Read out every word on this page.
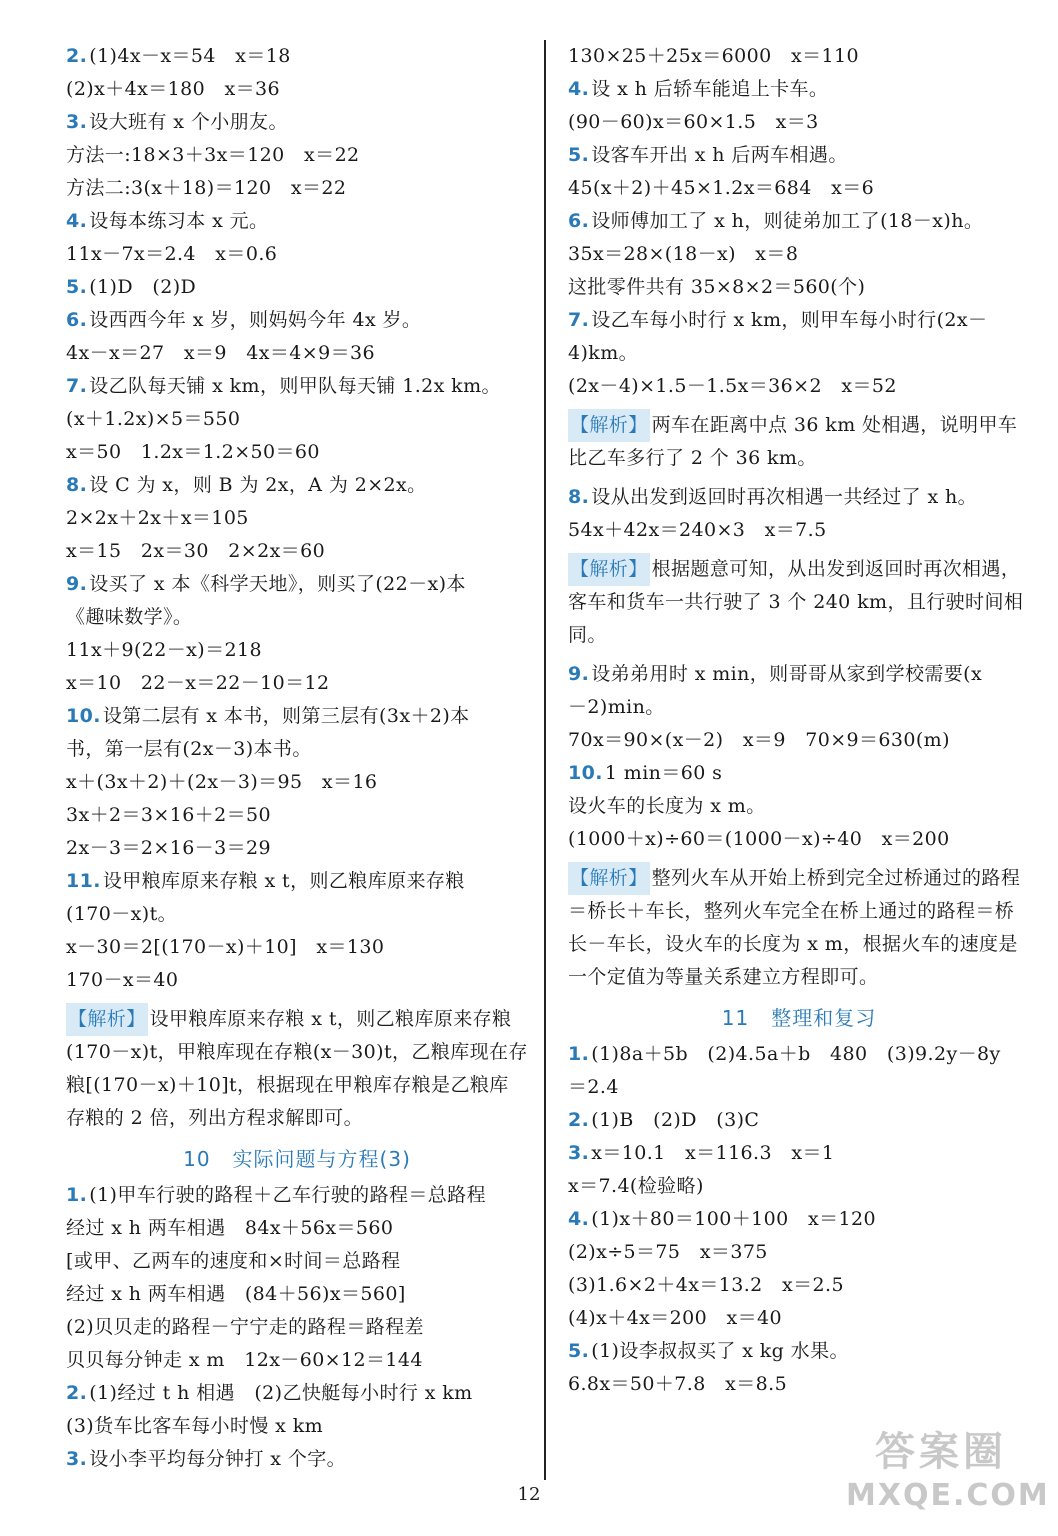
2. (1)4x－x＝54　x＝18
(2)x＋4x＝180　x＝36
3. 设大班有 x 个小朋友。
方法一:18×3＋3x＝120　x＝22
方法二:3(x＋18)＝120　x＝22
4. 设每本练习本 x 元。
11x－7x＝2.4　x＝0.6
5. (1)D　(2)D
6. 设西西今年 x 岁，则妈妈今年 4x 岁。
4x－x＝27　x＝9　4x＝4×9＝36
7. 设乙队每天铺 x km，则甲队每天铺 1.2x km。
(x＋1.2x)×5＝550
x＝50　1.2x＝1.2×50＝60
8. 设 C 为 x，则 B 为 2x，A 为 2×2x。
2×2x＋2x＋x＝105
x＝15　2x＝30　2×2x＝60
9. 设买了 x 本《科学天地》，则买了(22－x)本
《趣味数学》。
11x＋9(22－x)＝218
x＝10　22－x＝22－10＝12
10. 设第二层有 x 本书，则第三层有(3x＋2)本
书，第一层有(2x－3)本书。
x＋(3x＋2)＋(2x－3)＝95　x＝16
3x＋2＝3×16＋2＝50
2x－3＝2×16－3＝29
11. 设甲粮库原来存粮 x t，则乙粮库原来存粮
(170－x)t。
x－30＝2[(170－x)＋10]　x＝130
170－x＝40
【解析】 设甲粮库原来存粮 x t，则乙粮库原来存粮(170－x)t，甲粮库现在存粮(x－30)t，乙粮库现在存粮[(170－x)＋10]t，根据现在甲粮库存粮是乙粮库存粮的 2 倍，列出方程求解即可。
10 实际问题与方程(3)
1. (1)甲车行驶的路程＋乙车行驶的路程＝总路程
经过 x h 两车相遇　84x＋56x＝560
[或甲、乙两车的速度和×时间＝总路程
经过 x h 两车相遇　(84＋56)x＝560]
(2)贝贝走的路程－宁宁走的路程＝路程差
贝贝每分钟走 x m　12x－60×12＝144
2. (1)经过 t h 相遇　(2)乙快艇每小时行 x km
(3)货车比客车每小时慢 x km
3. 设小李平均每分钟打 x 个字。
130×25＋25x＝6000　x＝110
4. 设 x h 后轿车能追上卡车。
(90－60)x＝60×1.5　x＝3
5. 设客车开出 x h 后两车相遇。
45(x＋2)＋45×1.2x＝684　x＝6
6. 设师傅加工了 x h，则徒弟加工了(18－x)h。
35x＝28×(18－x)　x＝8
这批零件共有 35×8×2＝560(个)
7. 设乙车每小时行 x km，则甲车每小时行(2x－
4)km。
(2x－4)×1.5－1.5x＝36×2　x＝52
【解析】 两车在距离中点 36 km 处相遇，说明甲车比乙车多行了 2 个 36 km。
8. 设从出发到返回时再次相遇一共经过了 x h。
54x＋42x＝240×3　x＝7.5
【解析】 根据题意可知，从出发到返回时再次相遇，客车和货车一共行驶了 3 个 240 km，且行驶时间相同。
9. 设弟弟用时 x min，则哥哥从家到学校需要(x
－2)min。
70x＝90×(x－2)　x＝9　70×9＝630(m)
10. 1 min＝60 s
设火车的长度为 x m。
(1000＋x)÷60＝(1000－x)÷40　x＝200
【解析】 整列火车从开始上桥到完全过桥通过的路程＝桥长＋车长，整列火车完全在桥上通过的路程＝桥长－车长，设火车的长度为 x m，根据火车的速度是一个定值为等量关系建立方程即可。
11 整理和复习
1. (1)8a＋5b　(2)4.5a＋b　480　(3)9.2y－8y
＝2.4
2. (1)B　(2)D　(3)C
3. x＝10.1　x＝116.3　x＝1
x＝7.4(检验略)
4. (1)x＋80＝100＋100　x＝120
(2)x÷5＝75　x＝375
(3)1.6×2＋4x＝13.2　x＝2.5
(4)x＋4x＝200　x＝40
5. (1)设李叔叔买了 x kg 水果。
6.8x＝50＋7.8　x＝8.5
12
答案圈
MXQE.COM
